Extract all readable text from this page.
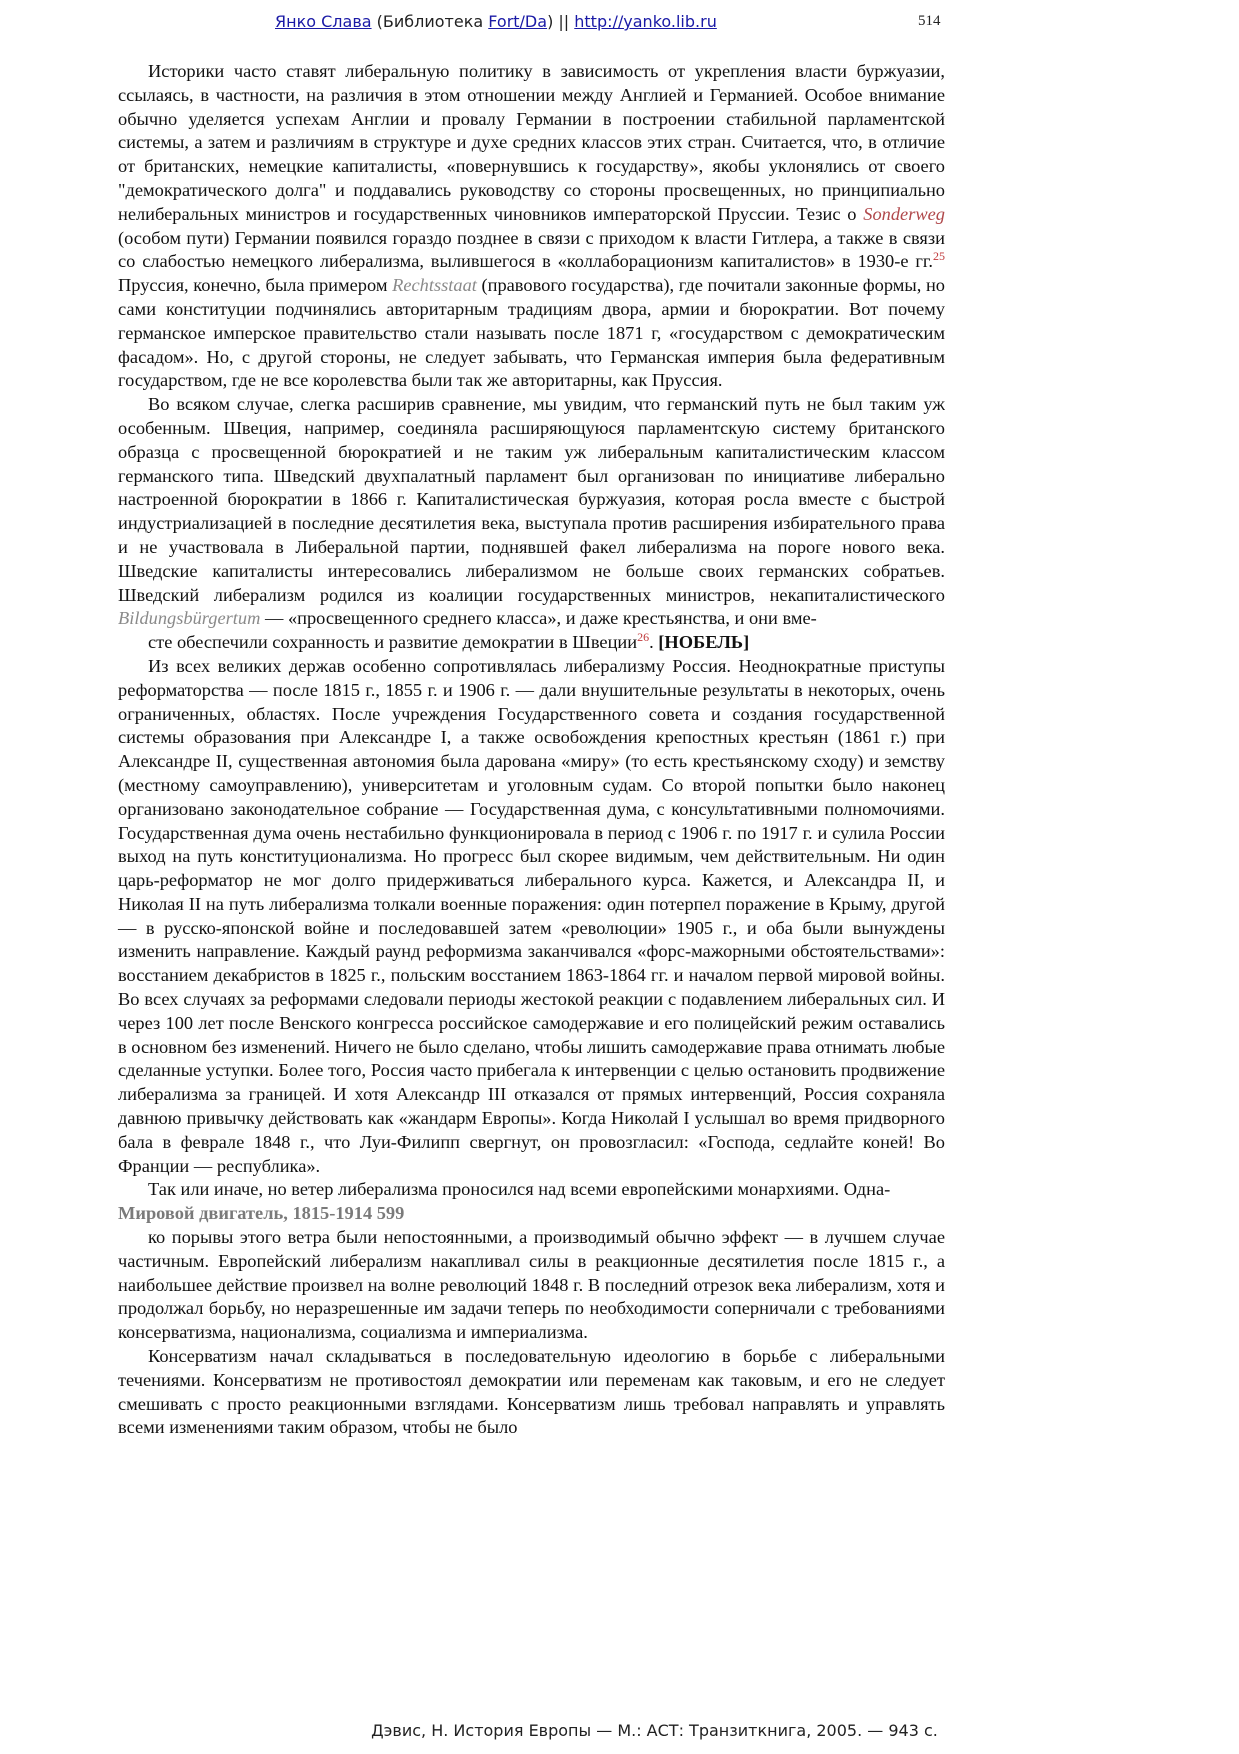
Янко Слава (Библиотека Fort/Da) || http://yanko.lib.ru	514

Историки часто ставят либеральную политику в зависимость от укрепления власти буржуазии, ссылаясь, в частности, на различия в этом отношении между Англией и Германией. Особое внимание обычно уделяется успехам Англии и провалу Германии в построении стабильной парламентской системы, а затем и различиям в структуре и духе средних классов этих стран. Считается, что, в отличие от британских, немецкие капиталисты, «повернувшись к государству», якобы уклонялись от своего "демократического долга" и поддавались руководству со стороны просвещенных, но принципиально нелиберальных министров и государственных чиновников императорской Пруссии. Тезис о Sonderweg (особом пути) Германии появился гораздо позднее в связи с приходом к власти Гитлера, а также в связи со слабостью немецкого либерализма, вылившегося в «коллаборационизм капиталистов» в 1930-е гг.$^{25}$ Пруссия, конечно, была примером Rechtsstaat (правового государства), где почитали законные формы, но сами конституции подчинялись авторитарным традициям двора, армии и бюрократии. Вот почему германское имперское правительство стали называть после 1871 г, «государством с демократическим фасадом». Но, с другой стороны, не следует забывать, что Германская империя была федеративным государством, где не все королевства были так же авторитарны, как Пруссия.

Во всяком случае, слегка расширив сравнение, мы увидим, что германский путь не был таким уж особенным. Швеция, например, соединяла расширяющуюся парламентскую систему британского образца с просвещенной бюрократией и не таким уж либеральным капиталистическим классом германского типа. Шведский двухпалатный парламент был организован по инициативе либерально настроенной бюрократии в 1866 г. Капиталистическая буржуазия, которая росла вместе с быстрой индустриализацией в последние десятилетия века, выступала против расширения избирательного права и не участвовала в Либеральной партии, поднявшей факел либерализма на пороге нового века. Шведские капиталисты интересовались либерализмом не больше своих германских собратьев. Шведский либерализм родился из коалиции государственных министров, некапиталистического Bildungsbürgertum — «просвещенного среднего класса», и даже крестьянства, и они вме-

сте обеспечили сохранность и развитие демократии в Швеции$^{26}$. [НОБЕЛЬ]

Из всех великих держав особенно сопротивлялась либерализму Россия. Неоднократные приступы реформаторства — после 1815 г., 1855 г. и 1906 г. — дали внушительные результаты в некоторых, очень ограниченных, областях. После учреждения Государственного совета и создания государственной системы образования при Александре I, а также освобождения крепостных крестьян (1861 г.) при Александре II, существенная автономия была дарована «миру» (то есть крестьянскому сходу) и земству (местному самоуправлению), университетам и уголовным судам. Со второй попытки было наконец организовано законодательное собрание — Государственная дума, с консультативными полномочиями. Государственная дума очень нестабильно функционировала в период с 1906 г. по 1917 г. и сулила России выход на путь конституционализма. Но прогресс был скорее видимым, чем действительным. Ни один царь-реформатор не мог долго придерживаться либерального курса. Кажется, и Александра II, и Николая II на путь либерализма толкали военные поражения: один потерпел поражение в Крыму, другой — в русско-японской войне и последовавшей затем «революции» 1905 г., и оба были вынуждены изменить направление. Каждый раунд реформизма заканчивался «форс-мажорными обстоятельствами»: восстанием декабристов в 1825 г., польским восстанием 1863-1864 гг. и началом первой мировой войны. Во всех случаях за реформами следовали периоды жестокой реакции с подавлением либеральных сил. И через 100 лет после Венского конгресса российское самодержавие и его полицейский режим оставались в основном без изменений. Ничего не было сделано, чтобы лишить самодержавие права отнимать любые сделанные уступки. Более того, Россия часто прибегала к интервенции с целью остановить продвижение либерализма за границей. И хотя Александр III отказался от прямых интервенций, Россия сохраняла давнюю привычку действовать как «жандарм Европы». Когда Николай I услышал во время придворного бала в феврале 1848 г., что Луи-Филипп свергнут, он провозгласил: «Господа, седлайте коней! Во Франции — республика».

Так или иначе, но ветер либерализма проносился над всеми европейскими монархиями. Одна-

Мировой двигатель, 1815-1914 599

ко порывы этого ветра были непостоянными, а производимый обычно эффект — в лучшем случае частичным. Европейский либерализм накапливал силы в реакционные десятилетия после 1815 г., а наибольшее действие произвел на волне революций 1848 г. В последний отрезок века либерализм, хотя и продолжал борьбу, но неразрешенные им задачи теперь по необходимости соперничали с требованиями консерватизма, национализма, социализма и империализма.

Консерватизм начал складываться в последовательную идеологию в борьбе с либеральными течениями. Консерватизм не противостоял демократии или переменам как таковым, и его не следует смешивать с просто реакционными взглядами. Консерватизм лишь требовал направлять и управлять всеми изменениями таким образом, чтобы не было

Дэвис, Н. История Европы — М.: АСТ: Транзиткнига, 2005. — 943 с.
